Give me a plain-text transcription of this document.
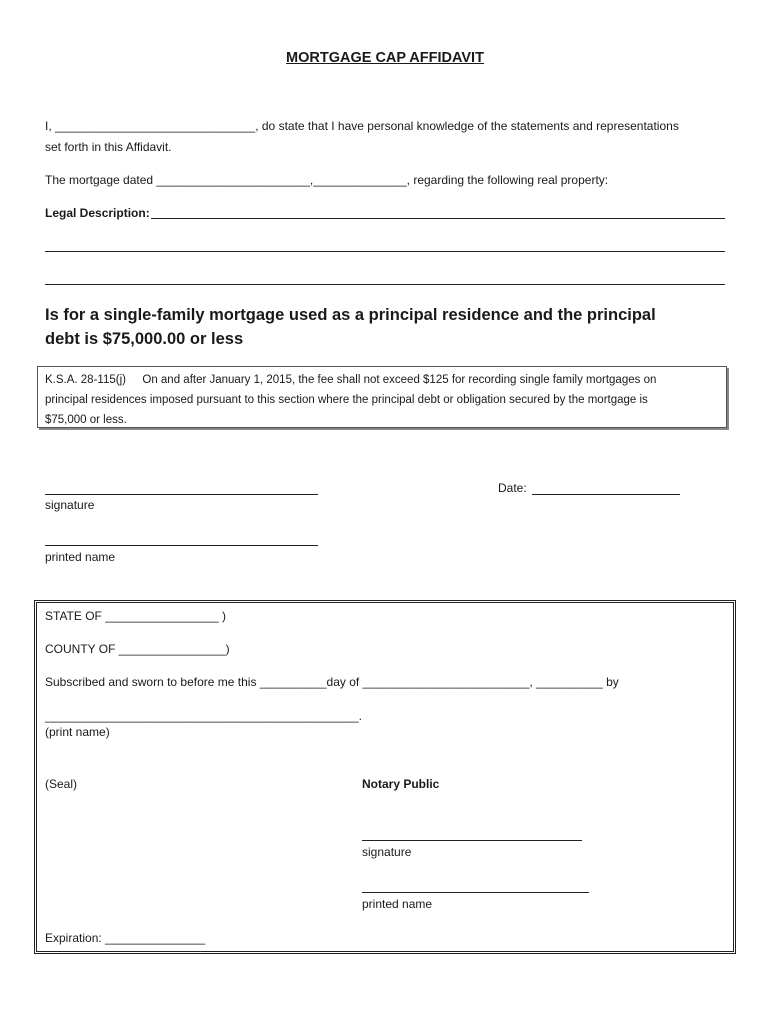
MORTGAGE CAP AFFIDAVIT
I, ______________________________, do state that I have personal knowledge of the statements and representations
set forth in this Affidavit.
The mortgage dated _______________________,______________, regarding the following real property:
Legal Description:
Is for a single-family mortgage used as a principal residence and the principal debt is $75,000.00 or less
K.S.A. 28-115(j) On and after January 1, 2015, the fee shall not exceed $125 for recording single family mortgages on
principal residences imposed pursuant to this section where the principal debt or obligation secured by the mortgage is
$75,000 or less.
signature
Date:
printed name
STATE OF _________________ )
COUNTY OF ________________)
Subscribed and sworn to before me this __________day of _________________________, __________ by
_______________________________________________.
(print name)
(Seal)	Notary Public
signature
printed name
Expiration: _______________
